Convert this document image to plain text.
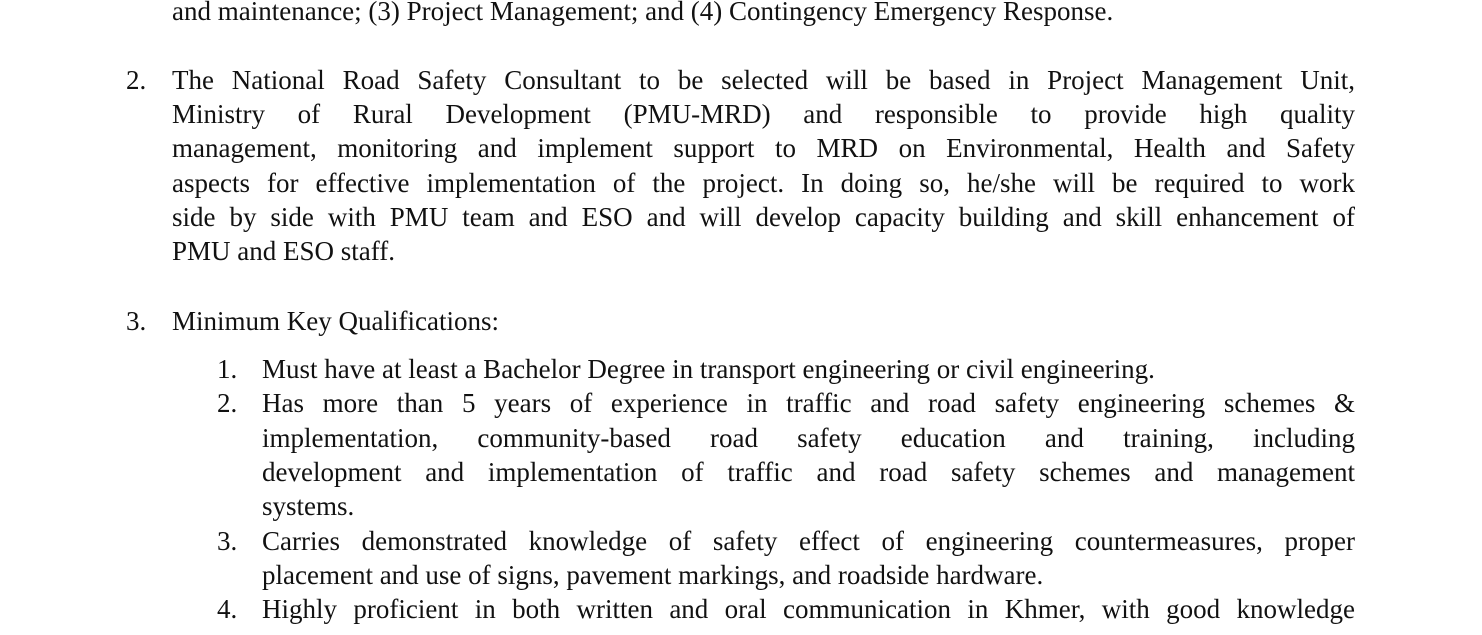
and maintenance; (3) Project Management; and (4) Contingency Emergency Response.
2. The National Road Safety Consultant to be selected will be based in Project Management Unit,
Ministry of Rural Development (PMU-MRD) and responsible to provide high quality
management, monitoring and implement support to MRD on Environmental, Health and Safety
aspects for effective implementation of the project. In doing so, he/she will be required to work
side by side with PMU team and ESO and will develop capacity building and skill enhancement of
PMU and ESO staff.
3. Minimum Key Qualifications:
1. Must have at least a Bachelor Degree in transport engineering or civil engineering.
2. Has more than 5 years of experience in traffic and road safety engineering schemes &
implementation, community-based road safety education and training, including
development and implementation of traffic and road safety schemes and management
systems.
3. Carries demonstrated knowledge of safety effect of engineering countermeasures, proper
placement and use of signs, pavement markings, and roadside hardware.
4. Highly proficient in both written and oral communication in Khmer, with good knowledge
